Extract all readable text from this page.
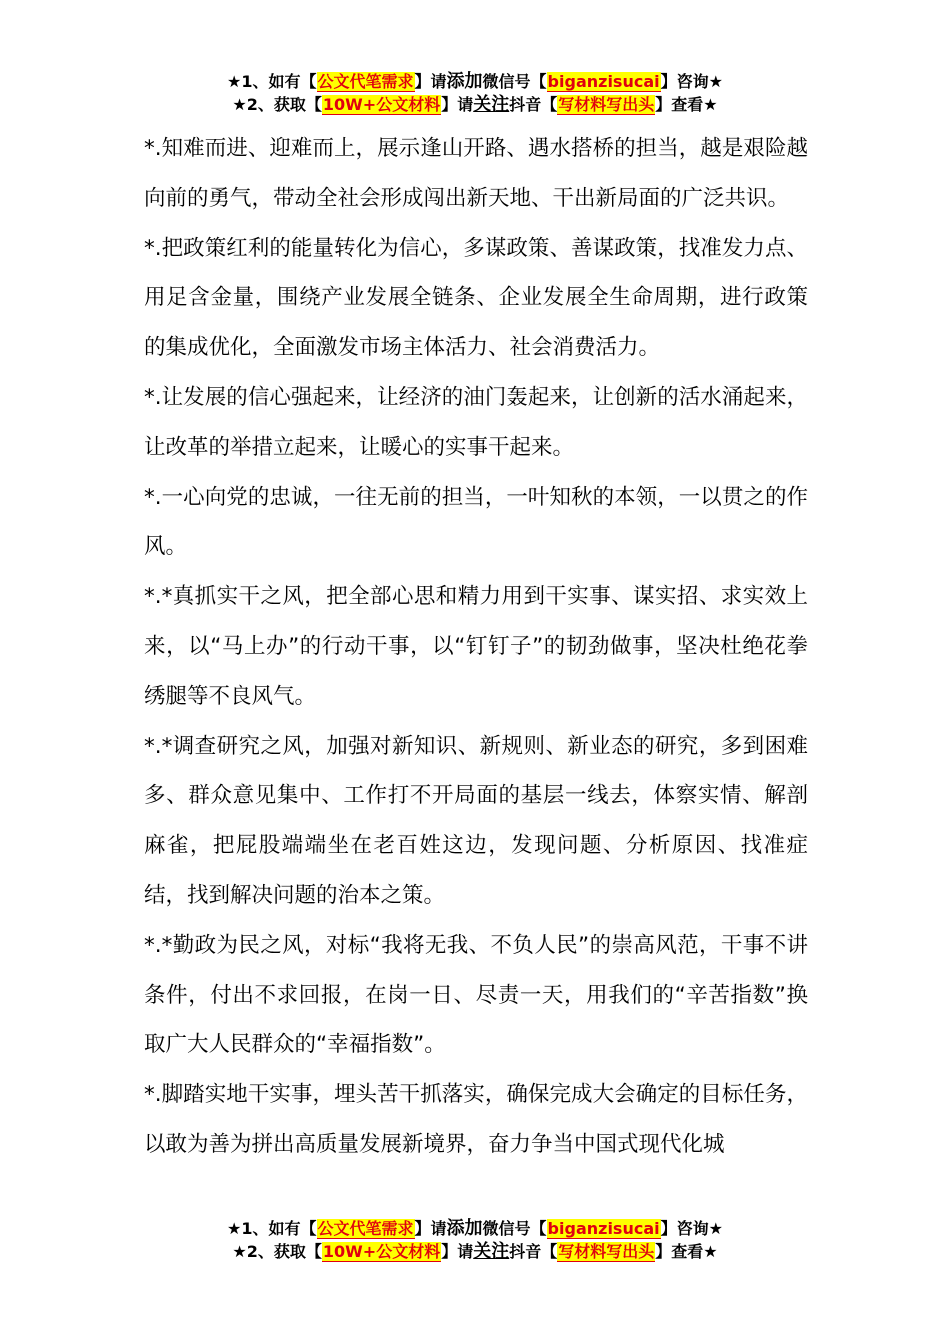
★1、如有【公文代笔需求】请添加微信号【biganzisucai】咨询★
★2、获取【10W+公文材料】请关注抖音【写材料写出头】查看★

*.知难而进、迎难而上，展示逢山开路、遇水搭桥的担当，越是艰险越向前的勇气，带动全社会形成闯出新天地、干出新局面的广泛共识。

*.把政策红利的能量转化为信心，多谋政策、善谋政策，找准发力点、用足含金量，围绕产业发展全链条、企业发展全生命周期，进行政策的集成优化，全面激发市场主体活力、社会消费活力。

*.让发展的信心强起来，让经济的油门轰起来，让创新的活水涌起来，让改革的举措立起来，让暖心的实事干起来。

*.一心向党的忠诚，一往无前的担当，一叶知秋的本领，一以贯之的作风。

*.*真抓实干之风，把全部心思和精力用到干实事、谋实招、求实效上来，以“马上办”的行动干事，以“钉钉子”的韧劲做事，坚决杜绝花拳绣腿等不良风气。

*.*调查研究之风，加强对新知识、新规则、新业态的研究，多到困难多、群众意见集中、工作打不开局面的基层一线去，体察实情、解剖麻雀，把屁股端端坐在老百姓这边，发现问题、分析原因、找准症结，找到解决问题的治本之策。

*.*勤政为民之风，对标“我将无我、不负人民”的崇高风范，干事不讲条件，付出不求回报，在岗一日、尽责一天，用我们的“辛苦指数”换取广大人民群众的“幸福指数”。

*.脚踏实地干实事，埋头苦干抓落实，确保完成大会确定的目标任务，以敢为善为拼出高质量发展新境界，奋力争当中国式现代化城

★1、如有【公文代笔需求】请添加微信号【biganzisucai】咨询★
★2、获取【10W+公文材料】请关注抖音【写材料写出头】查看★
